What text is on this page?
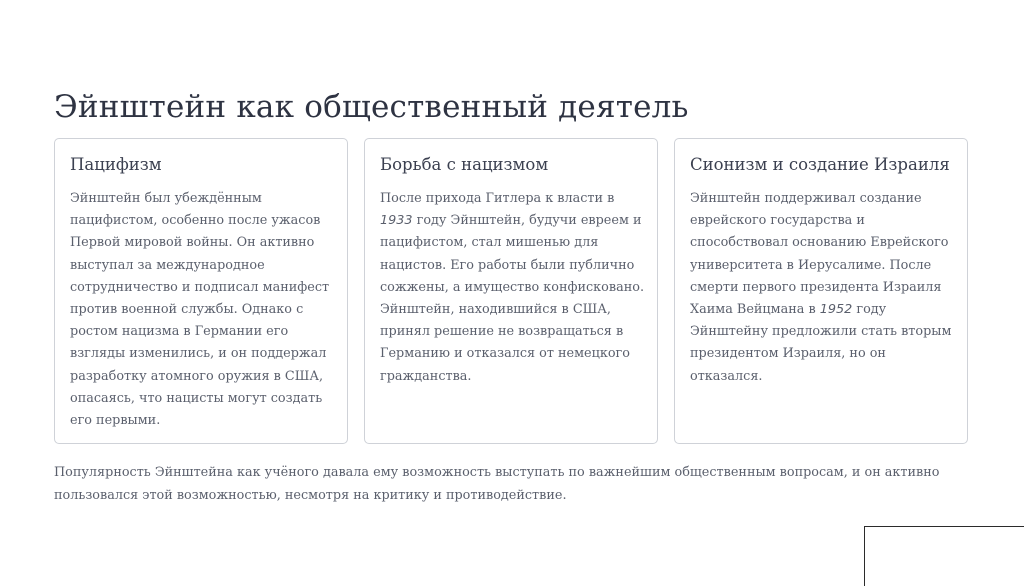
Эйнштейн как общественный деятель
Пацифизм
Эйнштейн был убеждённым пацифистом, особенно после ужасов Первой мировой войны. Он активно выступал за международное сотрудничество и подписал манифест против военной службы. Однако с ростом нацизма в Германии его взгляды изменились, и он поддержал разработку атомного оружия в США, опасаясь, что нацисты могут создать его первыми.
Борьба с нацизмом
После прихода Гитлера к власти в 1933 году Эйнштейн, будучи евреем и пацифистом, стал мишенью для нацистов. Его работы были публично сожжены, а имущество конфисковано. Эйнштейн, находившийся в США, принял решение не возвращаться в Германию и отказался от немецкого гражданства.
Сионизм и создание Израиля
Эйнштейн поддерживал создание еврейского государства и способствовал основанию Еврейского университета в Иерусалиме. После смерти первого президента Израиля Хаима Вейцмана в 1952 году Эйнштейну предложили стать вторым президентом Израиля, но он отказался.
Популярность Эйнштейна как учёного давала ему возможность выступать по важнейшим общественным вопросам, и он активно пользовался этой возможностью, несмотря на критику и противодействие.
